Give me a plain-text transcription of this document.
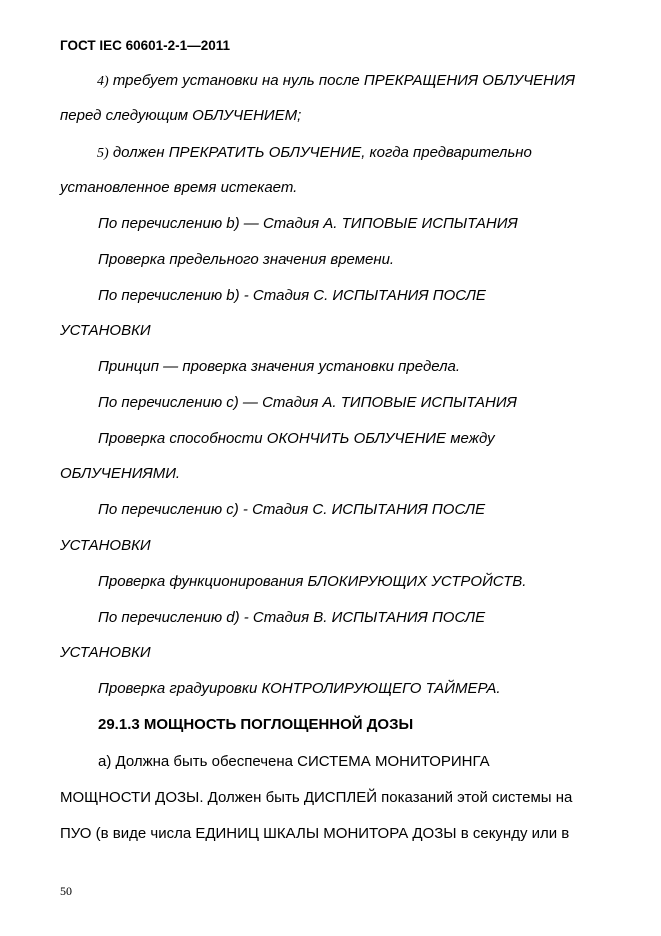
ГОСТ IEC 60601-2-1—2011
4) требует установки на нуль после ПРЕКРАЩЕНИЯ ОБЛУЧЕНИЯ
перед следующим ОБЛУЧЕНИЕМ;
5) должен ПРЕКРАТИТЬ ОБЛУЧЕНИЕ, когда предварительно
установленное время истекает.
По перечислению b) — Стадия А. ТИПОВЫЕ ИСПЫТАНИЯ
Проверка предельного значения времени.
По перечислению b) - Стадия С. ИСПЫТАНИЯ ПОСЛЕ
УСТАНОВКИ
Принцип — проверка значения установки предела.
По перечислению с) — Стадия А. ТИПОВЫЕ ИСПЫТАНИЯ
Проверка способности ОКОНЧИТЬ ОБЛУЧЕНИЕ между
ОБЛУЧЕНИЯМИ.
По перечислению с) - Стадия С. ИСПЫТАНИЯ ПОСЛЕ
УСТАНОВКИ
Проверка функционирования БЛОКИРУЮЩИХ УСТРОЙСТВ.
По перечислению d) - Стадия В. ИСПЫТАНИЯ ПОСЛЕ
УСТАНОВКИ
Проверка градуировки КОНТРОЛИРУЮЩЕГО ТАЙМЕРА.
29.1.3 МОЩНОСТЬ ПОГЛОЩЕННОЙ ДОЗЫ
а) Должна быть обеспечена СИСТЕМА МОНИТОРИНГА
МОЩНОСТИ ДОЗЫ. Должен быть ДИСПЛЕЙ показаний этой системы на
ПУО (в виде числа ЕДИНИЦ ШКАЛЫ МОНИТОРА ДОЗЫ в секунду или в
50
